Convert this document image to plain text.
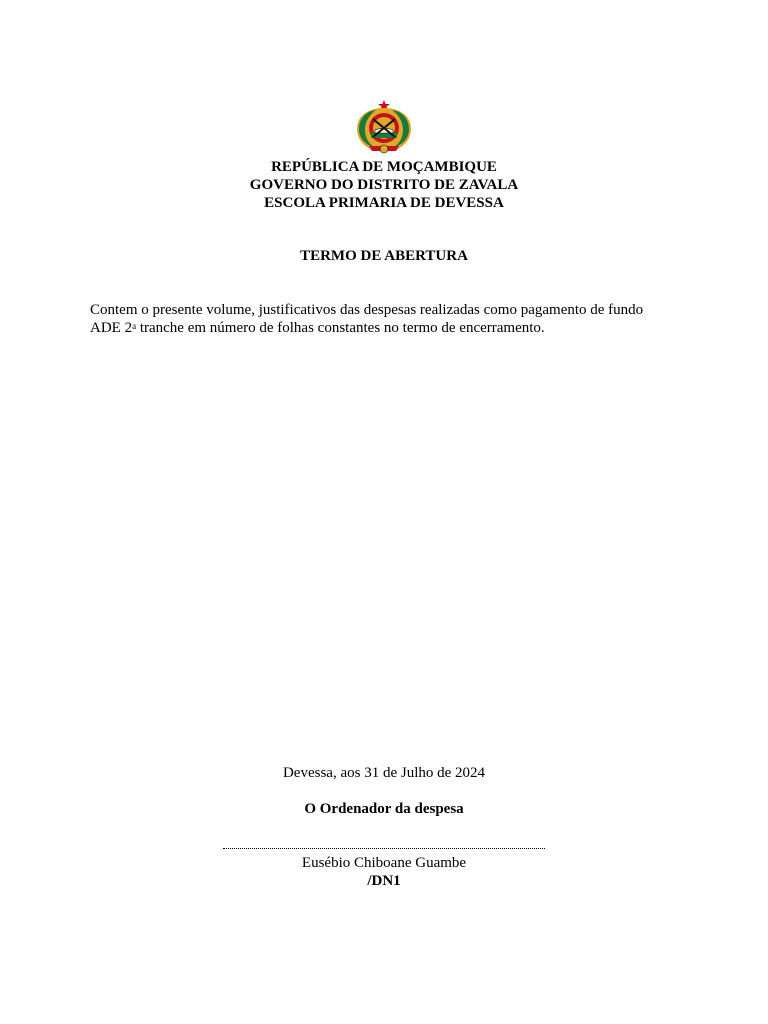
REPÚBLICA DE MOÇAMBIQUE
GOVERNO DO DISTRITO DE ZAVALA
ESCOLA PRIMARIA DE DEVESSA
TERMO DE ABERTURA
Contem o presente volume, justificativos das despesas realizadas como pagamento de fundo
ADE 2$^a$ tranche em número de folhas constantes no termo de encerramento.
Devessa, aos 31 de Julho de 2024
O Ordenador da despesa
Eusébio Chiboane Guambe
/DN1
